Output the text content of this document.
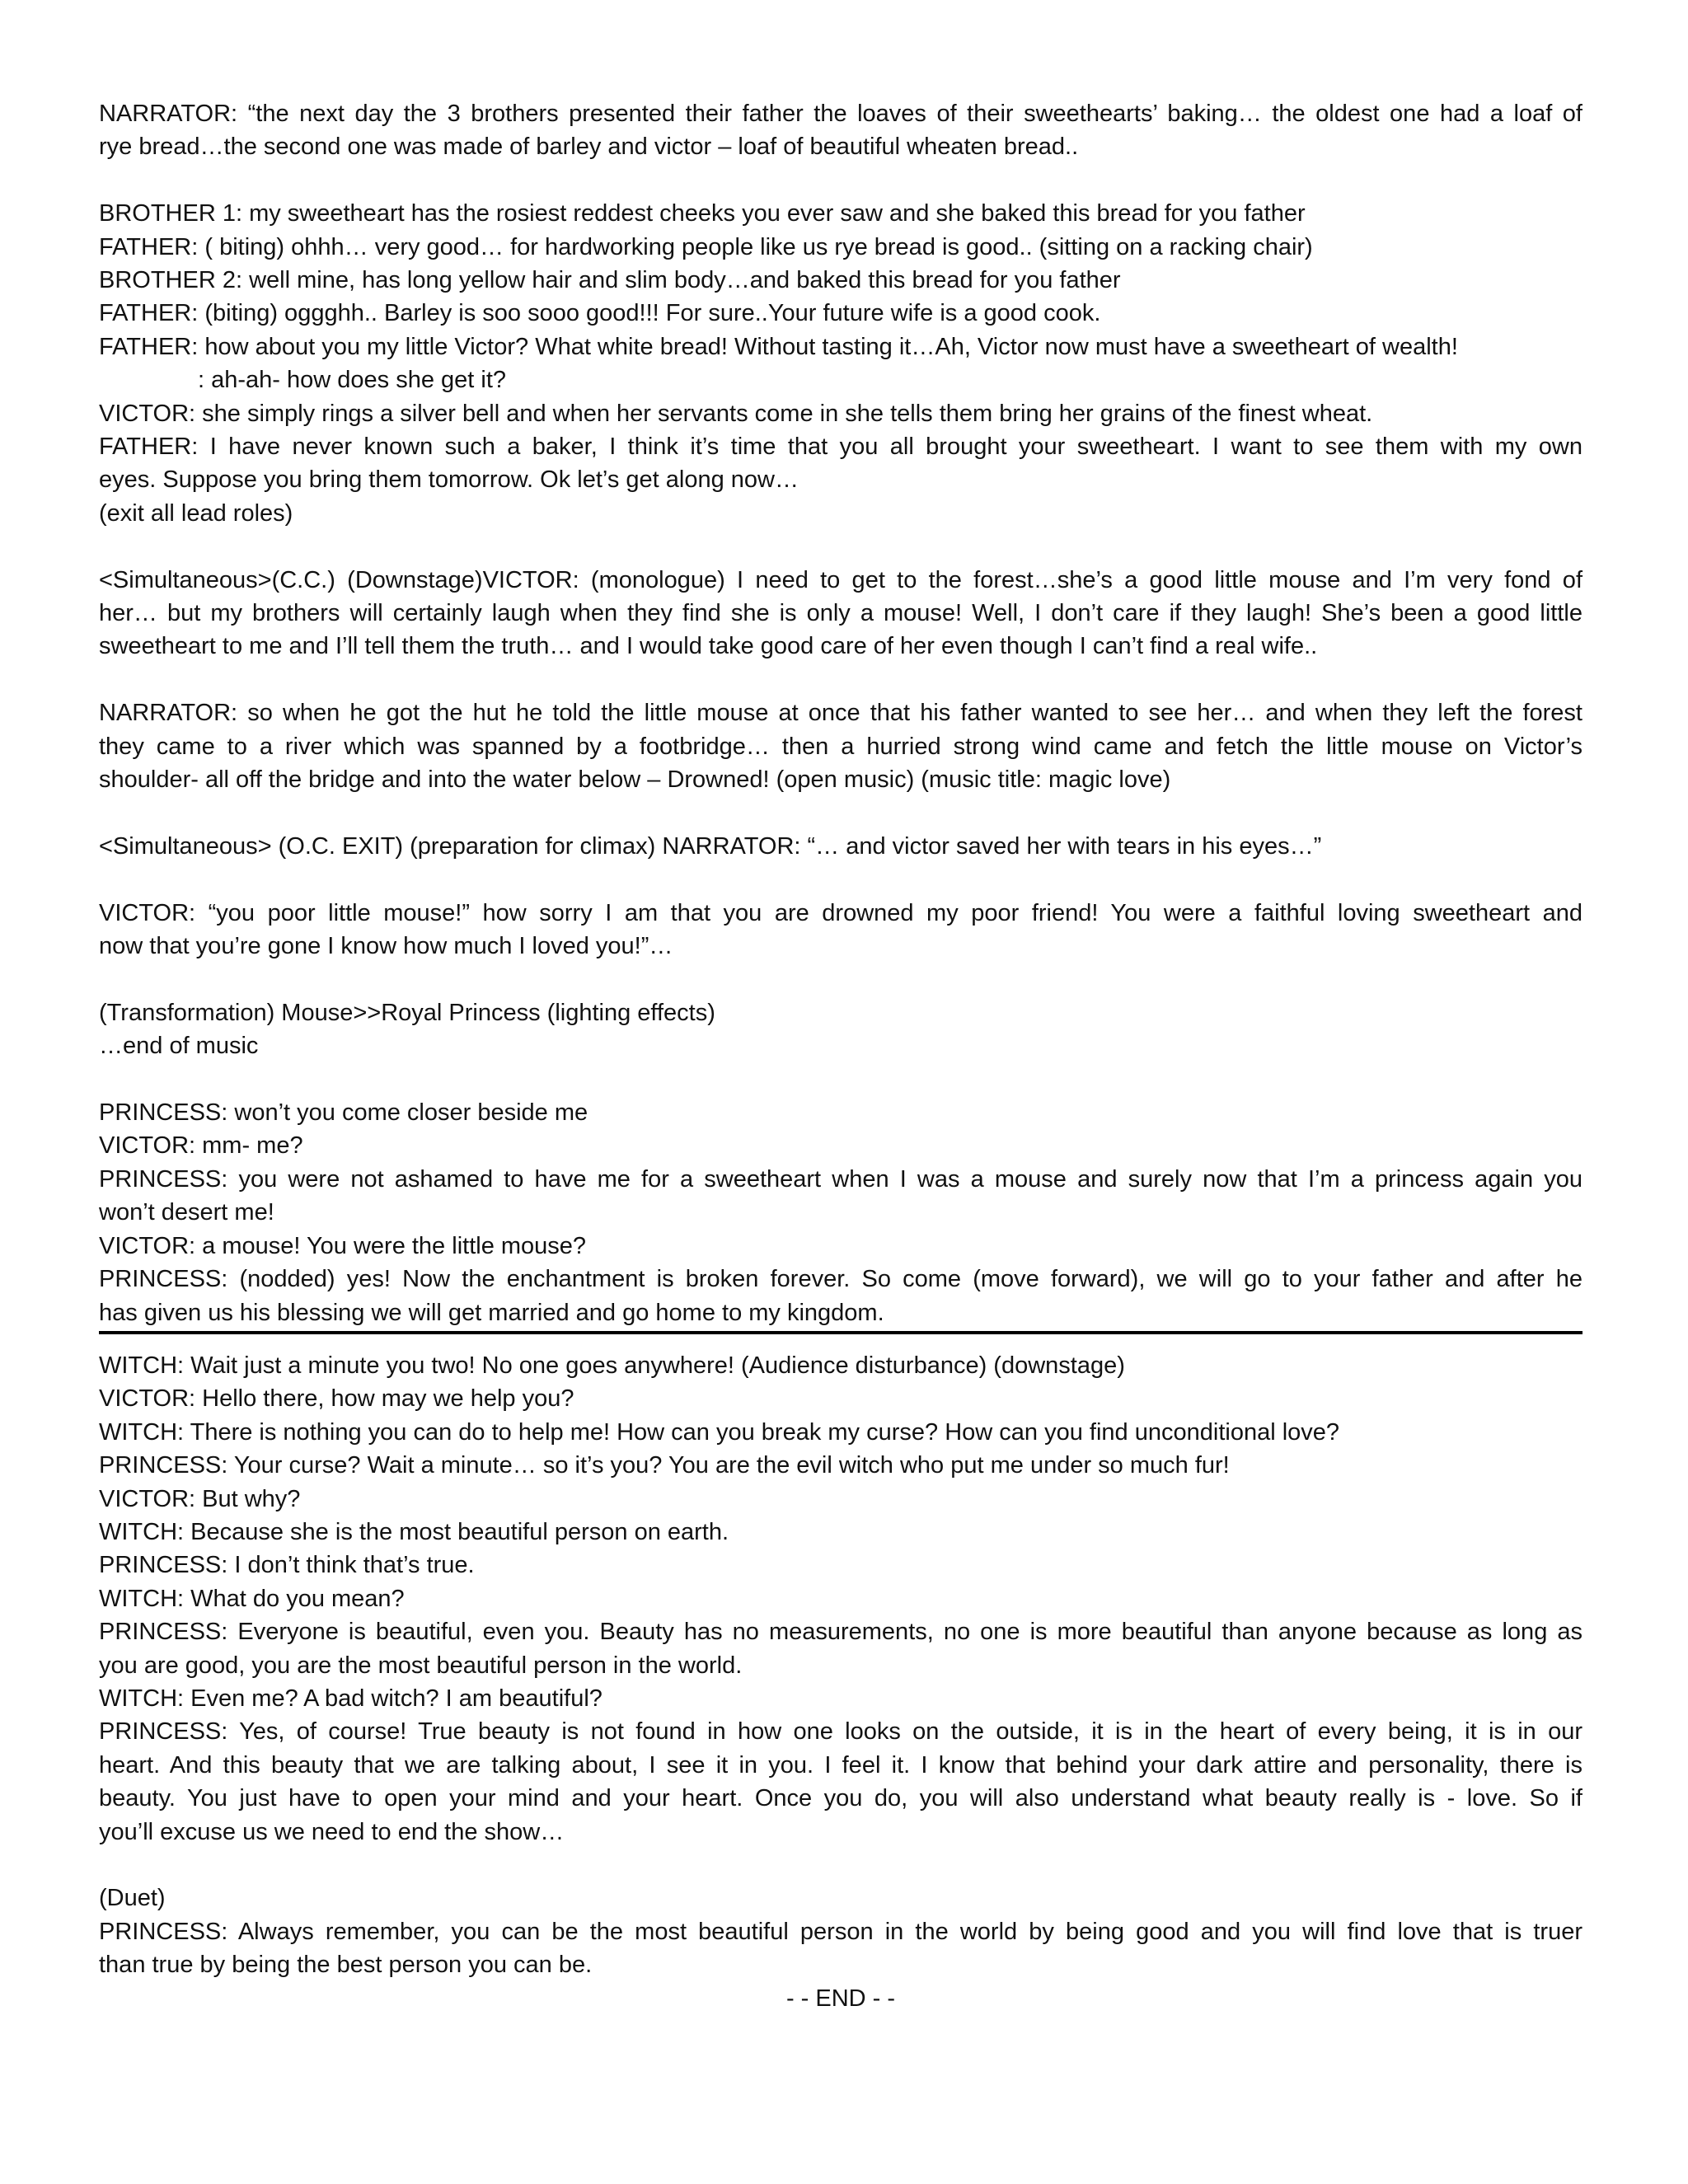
NARRATOR: “the next day the 3 brothers presented their father the loaves of their sweethearts’ baking… the oldest one had a loaf of
rye bread…the second one was made of barley and victor – loaf of beautiful wheaten bread..
BROTHER 1: my sweetheart has the rosiest reddest cheeks you ever saw and she baked this bread for you father
FATHER: ( biting) ohhh… very good… for hardworking people like us rye bread is good.. (sitting on a racking chair)
BROTHER 2: well mine, has long yellow hair and slim body…and baked this bread for you father
FATHER: (biting) oggghh.. Barley is soo sooo good!!! For sure..Your future wife is a good cook.
FATHER: how about you my little Victor? What white bread! Without tasting it…Ah, Victor now must have a sweetheart of wealth!
: ah-ah- how does she get it?
VICTOR: she simply rings a silver bell and when her servants come in she tells them bring her grains of the finest wheat.
FATHER: I have never known such a baker, I think it’s time that you all brought your sweetheart. I want to see them with my own
eyes. Suppose you bring them tomorrow. Ok let’s get along now…
(exit all lead roles)
<Simultaneous>(C.C.) (Downstage)VICTOR: (monologue) I need to get to the forest…she’s a good little mouse and I’m very fond of
her… but my brothers will certainly laugh when they find she is only a mouse! Well, I don’t care if they laugh! She’s been a good little
sweetheart to me and I’ll tell them the truth… and I would take good care of her even though I can’t find a real wife..
NARRATOR: so when he got the hut he told the little mouse at once that his father wanted to see her… and when they left the forest
they came to a river which was spanned by a footbridge… then a hurried strong wind came and fetch the little mouse on Victor’s
shoulder- all off the bridge and into the water below – Drowned! (open music) (music title: magic love)
<Simultaneous> (O.C. EXIT) (preparation for climax) NARRATOR: “… and victor saved her with tears in his eyes…”
VICTOR: “you poor little mouse!” how sorry I am that you are drowned my poor friend! You were a faithful loving sweetheart and
now that you’re gone I know how much I loved you!”…
(Transformation) Mouse>>Royal Princess (lighting effects)
…end of music
PRINCESS: won’t you come closer beside me
VICTOR: mm- me?
PRINCESS: you were not ashamed to have me for a sweetheart when I was a mouse and surely now that I’m a princess again you
won’t desert me!
VICTOR: a mouse! You were the little mouse?
PRINCESS: (nodded) yes! Now the enchantment is broken forever. So come (move forward), we will go to your father and after he
has given us his blessing we will get married and go home to my kingdom.
WITCH: Wait just a minute you two! No one goes anywhere! (Audience disturbance) (downstage)
VICTOR: Hello there, how may we help you?
WITCH: There is nothing you can do to help me! How can you break my curse? How can you find unconditional love?
PRINCESS: Your curse? Wait a minute… so it’s you? You are the evil witch who put me under so much fur!
VICTOR: But why?
WITCH: Because she is the most beautiful person on earth.
PRINCESS: I don’t think that’s true.
WITCH: What do you mean?
PRINCESS: Everyone is beautiful, even you. Beauty has no measurements, no one is more beautiful than anyone because as long as
you are good, you are the most beautiful person in the world.
WITCH: Even me? A bad witch? I am beautiful?
PRINCESS: Yes, of course! True beauty is not found in how one looks on the outside, it is in the heart of every being, it is in our
heart. And this beauty that we are talking about, I see it in you. I feel it. I know that behind your dark attire and personality, there is
beauty. You just have to open your mind and your heart. Once you do, you will also understand what beauty really is - love. So if
you’ll excuse us we need to end the show…
(Duet)
PRINCESS: Always remember, you can be the most beautiful person in the world by being good and you will find love that is truer
than true by being the best person you can be.
- - END - -
